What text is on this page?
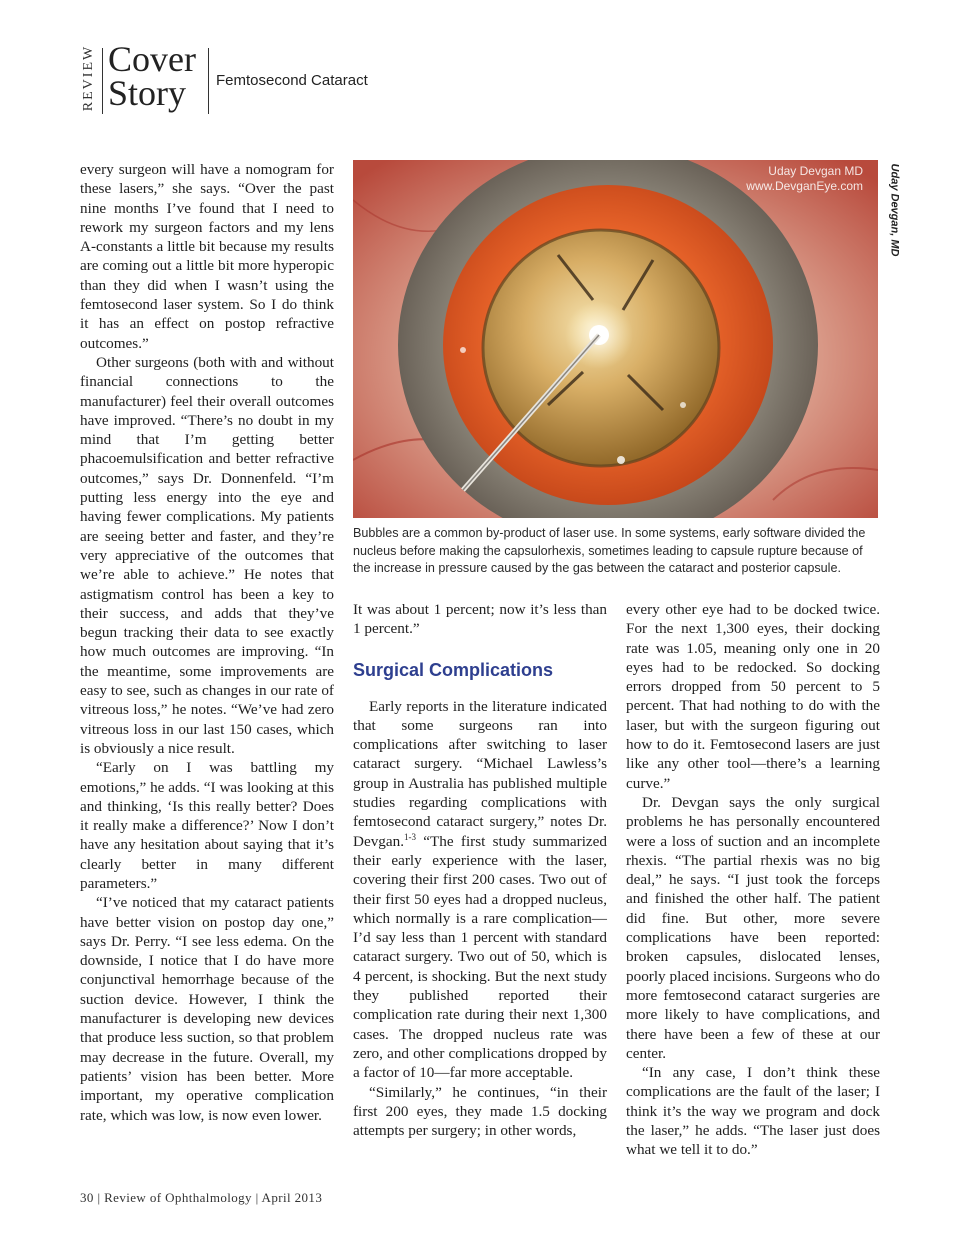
REVIEW Cover
Story	Femtosecond Cataract

every surgeon will have a nomogram for these lasers,” she says. “Over the past nine months I’ve found that I need to rework my surgeon factors and my lens A-constants a little bit because my results are coming out a little bit more hyperopic than they did when I wasn’t using the femtosecond laser system. So I do think it has an effect on postop refractive outcomes.”

Other surgeons (both with and without financial connections to the manufacturer) feel their overall outcomes have improved. “There’s no doubt in my mind that I’m getting better phacoemulsification and better refractive outcomes,” says Dr. Donnenfeld. “I’m putting less energy into the eye and having fewer complications. My patients are seeing better and faster, and they’re very appreciative of the outcomes that we’re able to achieve.” He notes that astigmatism control has been a key to their success, and adds that they’ve begun tracking their data to see exactly how much outcomes are improving. “In the meantime, some improvements are easy to see, such as changes in our rate of vitreous loss,” he notes. “We’ve had zero vitreous loss in our last 150 cases, which is obviously a nice result.

“Early on I was battling my emotions,” he adds. “I was looking at this and thinking, ‘Is this really better? Does it really make a difference?’ Now I don’t have any hesitation about saying that it’s clearly better in many different parameters.”

“I’ve noticed that my cataract patients have better vision on postop day one,” says Dr. Perry. “I see less edema. On the downside, I notice that I do have more conjunctival hemorrhage because of the suction device. However, I think the manufacturer is developing new devices that produce less suction, so that problem may decrease in the future. Overall, my patients’ vision has been better. More important, my operative complication rate, which was low, is now even lower.

Uday Devgan MD
www.DevganEye.com Uday Devgan, MD
Bubbles are a common by-product of laser use. In some systems, early software divided the nucleus before making the capsulorhexis, sometimes leading to capsule rupture because of the increase in pressure caused by the gas between the cataract and posterior capsule.

It was about 1 percent; now it’s less than 1 percent.”

Surgical Complications

Early reports in the literature indicated that some surgeons ran into complications after switching to laser cataract surgery. “Michael Lawless’s group in Australia has published multiple studies regarding complications with femtosecond cataract surgery,” notes Dr. Devgan.$^{1-3}$ “The first study summarized their early experience with the laser, covering their first 200 cases. Two out of their first 50 eyes had a dropped nucleus, which normally is a rare complication—I’d say less than 1 percent with standard cataract surgery. Two out of 50, which is 4 percent, is shocking. But the next study they published reported their complication rate during their next 1,300 cases. The dropped nucleus rate was zero, and other complications dropped by a factor of 10—far more acceptable.

“Similarly,” he continues, “in their first 200 eyes, they made 1.5 docking attempts per surgery; in other words,

every other eye had to be docked twice. For the next 1,300 eyes, their docking rate was 1.05, meaning only one in 20 eyes had to be redocked. So docking errors dropped from 50 percent to 5 percent. That had nothing to do with the laser, but with the surgeon figuring out how to do it. Femtosecond lasers are just like any other tool—there’s a learning curve.”

Dr. Devgan says the only surgical problems he has personally encountered were a loss of suction and an incomplete rhexis. “The partial rhexis was no big deal,” he says. “I just took the forceps and finished the other half. The patient did fine. But other, more severe complications have been reported: broken capsules, dislocated lenses, poorly placed incisions. Surgeons who do more femtosecond cataract surgeries are more likely to have complications, and there have been a few of these at our center.

“In any case, I don’t think these complications are the fault of the laser; I think it’s the way we program and dock the laser,” he adds. “The laser just does what we tell it to do.”

30 | Review of Ophthalmology | April 2013
